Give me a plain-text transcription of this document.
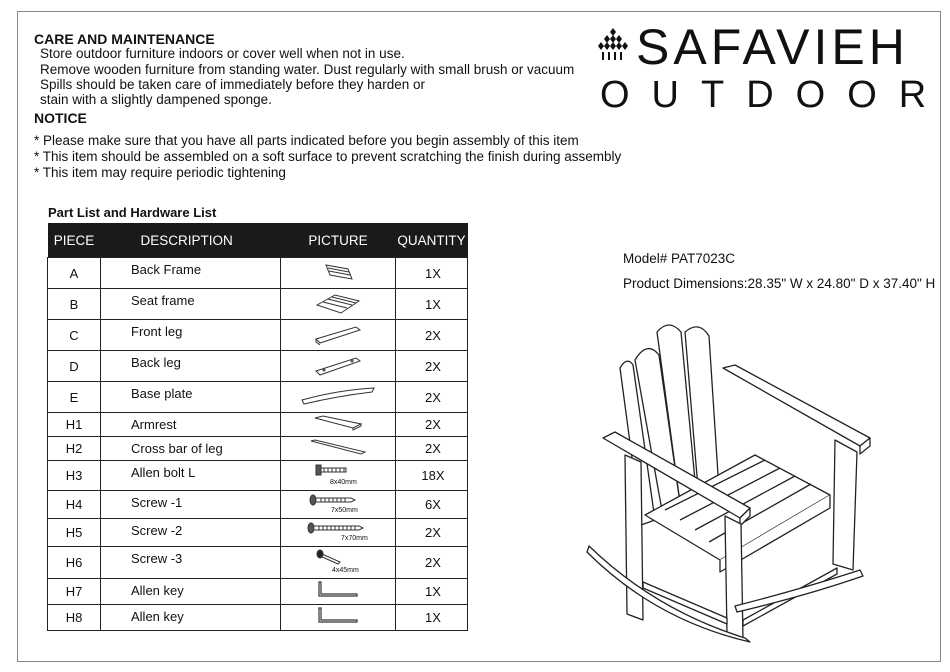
CARE AND MAINTENANCE
Store outdoor furniture indoors or cover well when not in use.
Remove wooden furniture from standing water. Dust regularly with small brush or vacuum
Spills should be taken care of immediately before they harden or
stain with a slightly dampened sponge.
NOTICE
* Please make sure that you have all parts indicated before you begin assembly of this item
* This item should be assembled on a soft surface to prevent scratching the finish during assembly
* This item may require periodic tightening
SAFAVIEH
OUTDOOR
Part List and Hardware List
PIECE	DESCRIPTION	PICTURE	QUANTITY
A	Back Frame		1X
B	Seat frame		1X
C	Front leg		2X
D	Back leg		2X
E	Base plate		2X
H1	Armrest		2X
H2	Cross bar of leg		2X
H3	Allen bolt L	8x40mm	18X
H4	Screw -1	7x50mm	6X
H5	Screw -2	7x70mm	2X
H6	Screw -3	4x45mm	2X
H7	Allen key		1X
H8	Allen key		1X
Model# PAT7023C
Product Dimensions:28.35" W x 24.80" D x 37.40" H
